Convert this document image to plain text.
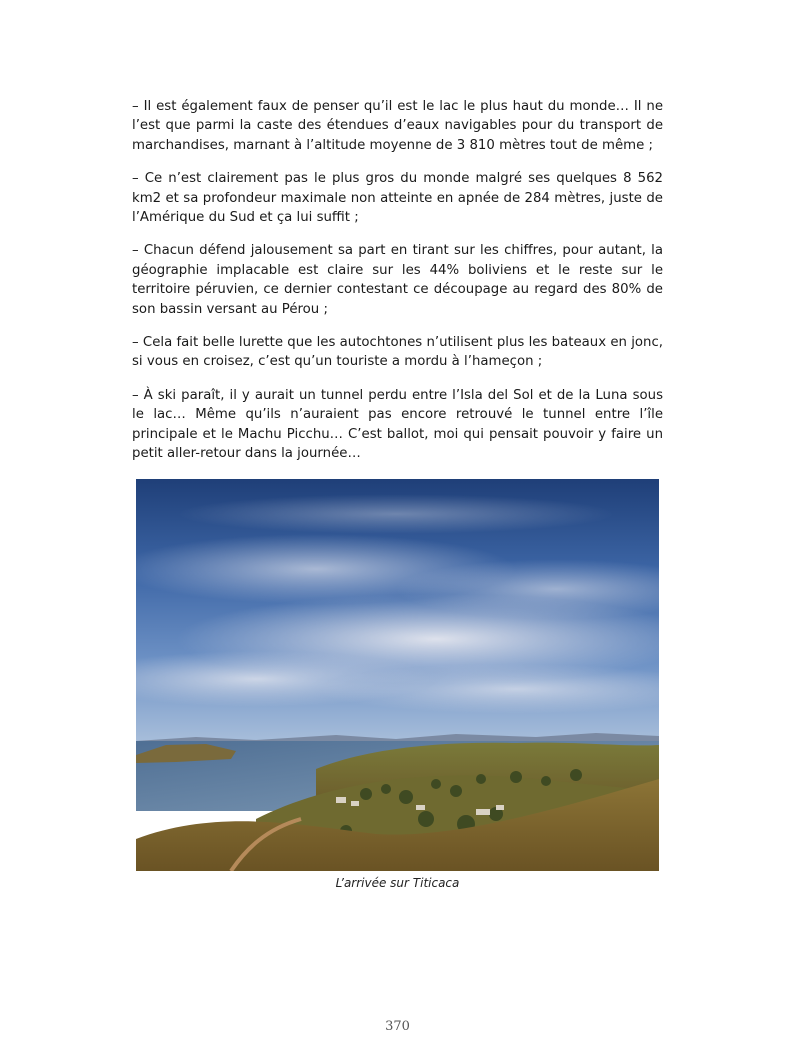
– Il est également faux de penser qu’il est le lac le plus haut du monde… Il ne l’est que parmi la caste des étendues d’eaux navigables pour du transport de marchandises, marnant à l’altitude moyenne de 3 810 mètres tout de même ;

– Ce n’est clairement pas le plus gros du monde malgré ses quelques 8 562 km2 et sa profondeur maximale non atteinte en apnée de 284 mètres, juste de l’Amérique du Sud et ça lui suffit ;

– Chacun défend jalousement sa part en tirant sur les chiffres, pour autant, la géographie implacable est claire sur les 44% boliviens et le reste sur le territoire péruvien, ce dernier contestant ce découpage au regard des 80% de son bassin versant au Pérou ;

– Cela fait belle lurette que les autochtones n’utilisent plus les bateaux en jonc, si vous en croisez, c’est qu’un touriste a mordu à l’hameçon ;

– À ski paraît, il y aurait un tunnel perdu entre l’Isla del Sol et de la Luna sous le lac… Même qu’ils n’auraient pas encore retrouvé le tunnel entre l’île principale et le Machu Picchu… C’est ballot, moi qui pensait pouvoir y faire un petit aller-retour dans la journée…

L’arrivée sur Titicaca
370
